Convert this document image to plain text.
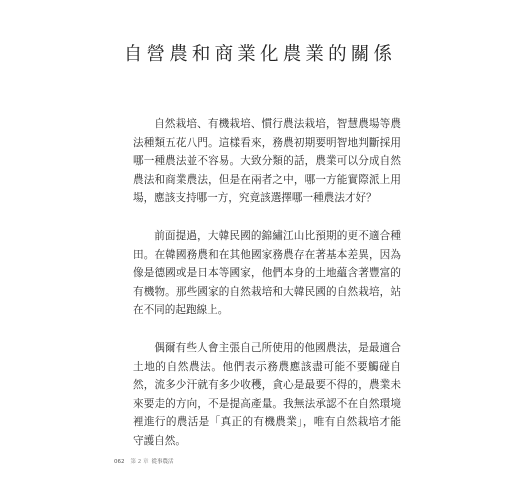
自營農和商業化農業的關係

自然栽培、有機栽培、慣行農法栽培，智慧農場等農法種類五花八門。這樣看來，務農初期要明智地判斷採用哪一種農法並不容易。大致分類的話，農業可以分成自然農法和商業農法，但是在兩者之中，哪一方能實際派上用場，應該支持哪一方，究竟該選擇哪一種農法才好？

前面提過，大韓民國的錦繡江山比預期的更不適合種田。在韓國務農和在其他國家務農存在著基本差異，因為像是德國或是日本等國家，他們本身的土地蘊含著豐富的有機物。那些國家的自然栽培和大韓民國的自然栽培，站在不同的起跑線上。

偶爾有些人會主張自己所使用的他國農法，是最適合土地的自然農法。他們表示務農應該盡可能不要觸碰自然，流多少汗就有多少收穫，貪心是最要不得的，農業未來要走的方向，不是提高產量。我無法承認不在自然環境裡進行的農活是「真正的有機農業」，唯有自然栽培才能守護自然。

062 第 2 章 從事農活
